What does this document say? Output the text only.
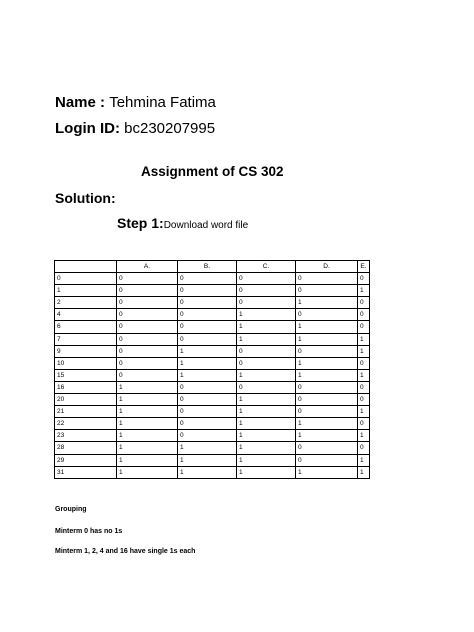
Name : Tehmina Fatima
Login ID: bc230207995
Assignment of CS 302
Solution:
Step 1:Download word file
	A.	B.	C.	D.	E.
0	0	0	0	0	0
1	0	0	0	0	1
2	0	0	0	1	0
4	0	0	1	0	0
6	0	0	1	1	0
7	0	0	1	1	1
9	0	1	0	0	1
10	0	1	0	1	0
15	0	1	1	1	1
16	1	0	0	0	0
20	1	0	1	0	0
21	1	0	1	0	1
22	1	0	1	1	0
23	1	0	1	1	1
28	1	1	1	0	0
29	1	1	1	0	1
31	1	1	1	1	1
Grouping
Minterm 0 has no 1s
Minterm 1, 2, 4 and 16 have single 1s each
